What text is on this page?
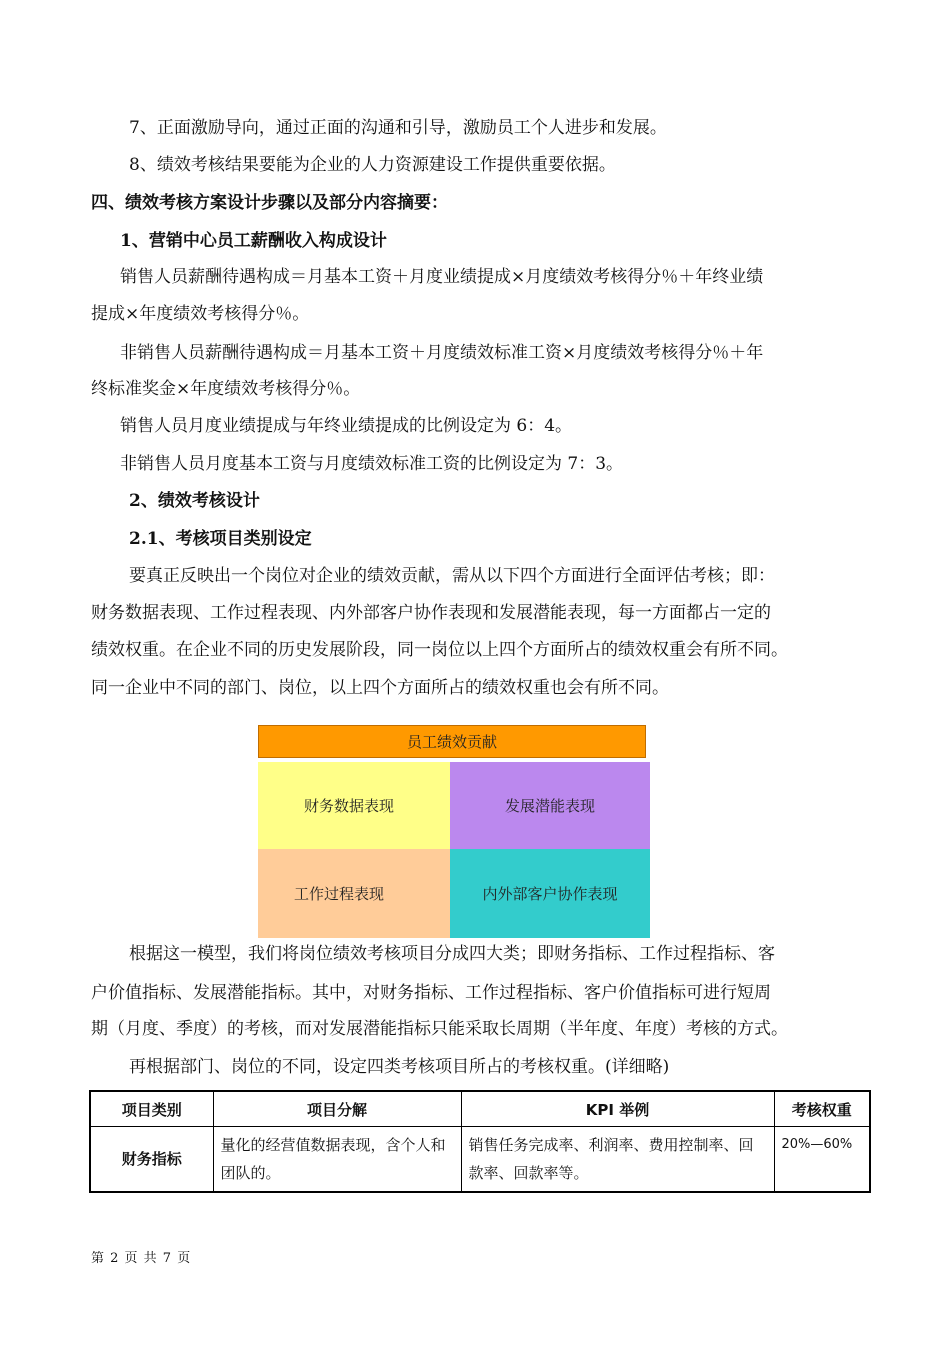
7、正面激励导向，通过正面的沟通和引导，激励员工个人进步和发展。
8、绩效考核结果要能为企业的人力资源建设工作提供重要依据。
四、绩效考核方案设计步骤以及部分内容摘要：
1、营销中心员工薪酬收入构成设计
销售人员薪酬待遇构成＝月基本工资＋月度业绩提成×月度绩效考核得分％＋年终业绩
提成×年度绩效考核得分％。
非销售人员薪酬待遇构成＝月基本工资＋月度绩效标准工资×月度绩效考核得分％＋年
终标准奖金×年度绩效考核得分％。
销售人员月度业绩提成与年终业绩提成的比例设定为 6：4。
非销售人员月度基本工资与月度绩效标准工资的比例设定为 7：3。
2、绩效考核设计
2.1、考核项目类别设定
要真正反映出一个岗位对企业的绩效贡献，需从以下四个方面进行全面评估考核；即：
财务数据表现、工作过程表现、内外部客户协作表现和发展潜能表现，每一方面都占一定的
绩效权重。在企业不同的历史发展阶段，同一岗位以上四个方面所占的绩效权重会有所不同。
同一企业中不同的部门、岗位，以上四个方面所占的绩效权重也会有所不同。
员工绩效贡献
财务数据表现	发展潜能表现
工作过程表现	内外部客户协作表现
根据这一模型，我们将岗位绩效考核项目分成四大类；即财务指标、工作过程指标、客
户价值指标、发展潜能指标。其中，对财务指标、工作过程指标、客户价值指标可进行短周
期（月度、季度）的考核，而对发展潜能指标只能采取长周期（半年度、年度）考核的方式。
再根据部门、岗位的不同，设定四类考核项目所占的考核权重。(详细略)
项目类别	项目分解	KPI 举例	考核权重
财务指标	量化的经营值数据表现，含个人和团队的。	销售任务完成率、利润率、费用控制率、回款率、回款率等。	20%—60%
第 2 页 共 7 页
